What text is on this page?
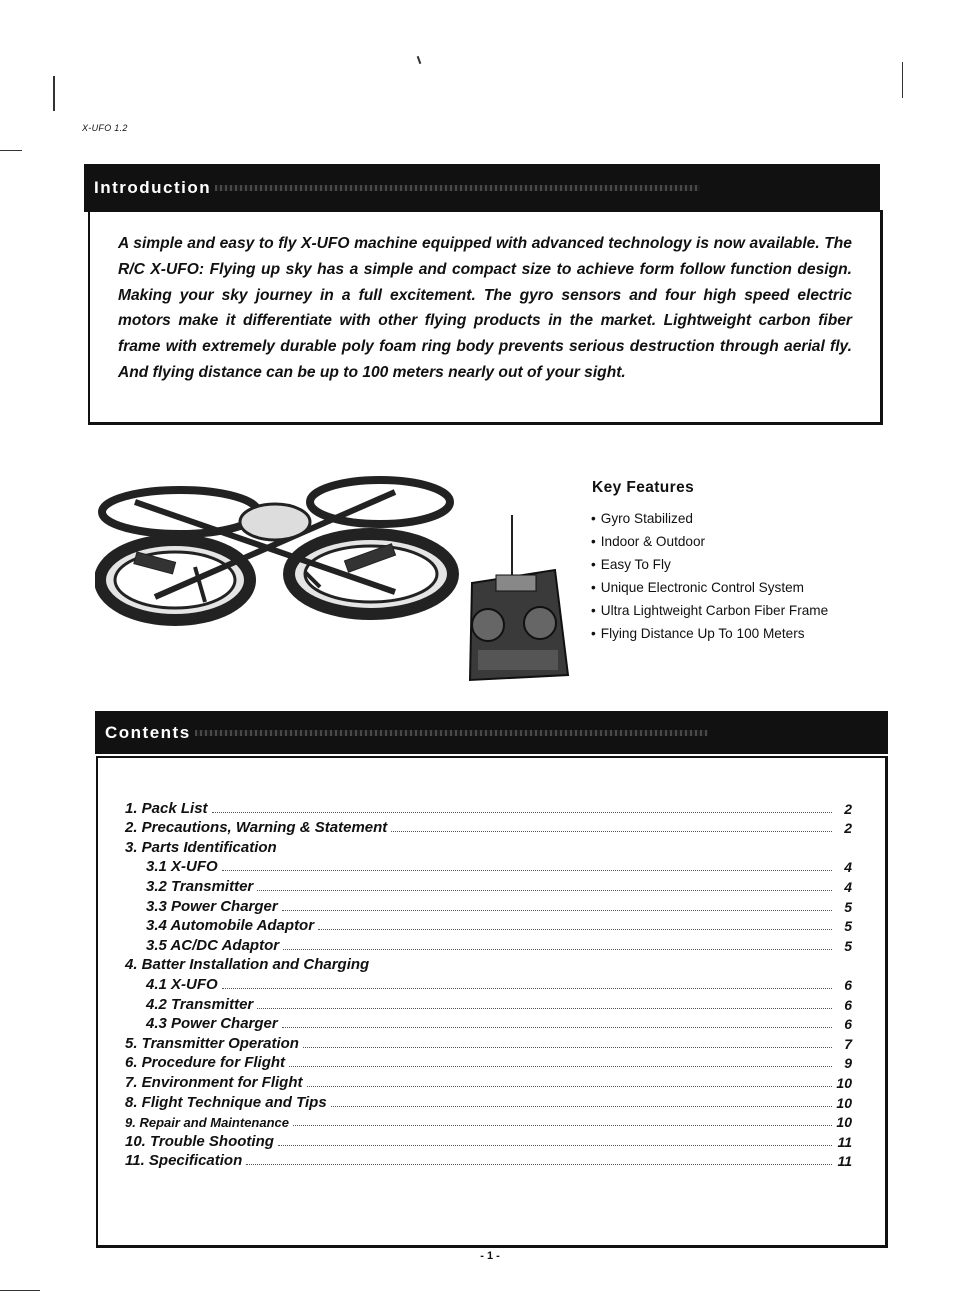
X-UFO 1.2
Introduction
A simple and easy to fly X-UFO machine equipped with advanced technology is now available. The R/C X-UFO: Flying up sky has a simple and compact size to achieve form follow function design. Making your sky journey in a full excitement. The gyro sensors and four high speed electric motors make it differentiate with other flying products in the market. Lightweight carbon fiber frame with extremely durable poly foam ring body prevents serious destruction through aerial fly. And flying distance can be up to 100 meters nearly out of your sight.
Key Features
• Gyro Stabilized
• Indoor & Outdoor
• Easy To Fly
• Unique Electronic Control System
• Ultra Lightweight Carbon Fiber Frame
• Flying Distance Up To 100 Meters
Contents
1. Pack List	2
2. Precautions, Warning & Statement	2
3. Parts Identification
3.1 X-UFO	4
3.2 Transmitter	4
3.3 Power Charger	5
3.4 Automobile Adaptor	5
3.5 AC/DC Adaptor	5
4. Batter Installation and Charging
4.1 X-UFO	6
4.2 Transmitter	6
4.3 Power Charger	6
5. Transmitter Operation	7
6. Procedure for Flight	9
7. Environment for Flight	10
8. Flight Technique and Tips	10
9. Repair and Maintenance	10
10. Trouble Shooting	11
11. Specification	11
- 1 -
